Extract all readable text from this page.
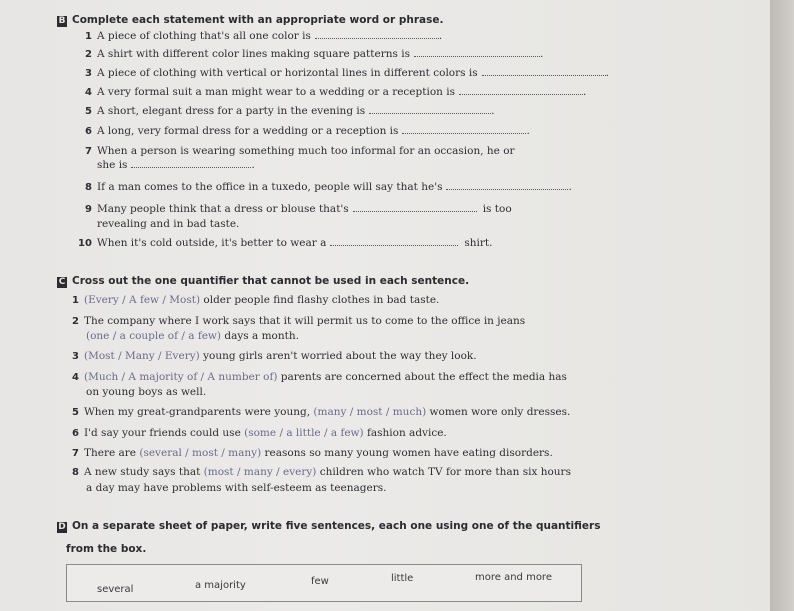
B Complete each statement with an appropriate word or phrase.
1 A piece of clothing that's all one color is	.
2 A shirt with different color lines making square patterns is	.
3 A piece of clothing with vertical or horizontal lines in different colors is	.
4 A very formal suit a man might wear to a wedding or a reception is	.
5 A short, elegant dress for a party in the evening is	.
6 A long, very formal dress for a wedding or a reception is	.
7 When a person is wearing something much too informal for an occasion, he or
she is	.
8 If a man comes to the office in a tuxedo, people will say that he's	.
9 Many people think that a dress or blouse that's	is too
revealing and in bad taste.
10 When it's cold outside, it's better to wear a	shirt.
C Cross out the one quantifier that cannot be used in each sentence.
1 (Every / A few / Most) older people find flashy clothes in bad taste.
2 The company where I work says that it will permit us to come to the office in jeans
(one / a couple of / a few) days a month.
3 (Most / Many / Every) young girls aren't worried about the way they look.
4 (Much / A majority of / A number of) parents are concerned about the effect the media has
on young boys as well.
5 When my great-grandparents were young, (many / most / much) women wore only dresses.
6 I'd say your friends could use (some / a little / a few) fashion advice.
7 There are (several / most / many) reasons so many young women have eating disorders.
8 A new study says that (most / many / every) children who watch TV for more than six hours
a day may have problems with self-esteem as teenagers.
D On a separate sheet of paper, write five sentences, each one using one of the quantifiers
from the box.
several	a majority	few	little	more and more
